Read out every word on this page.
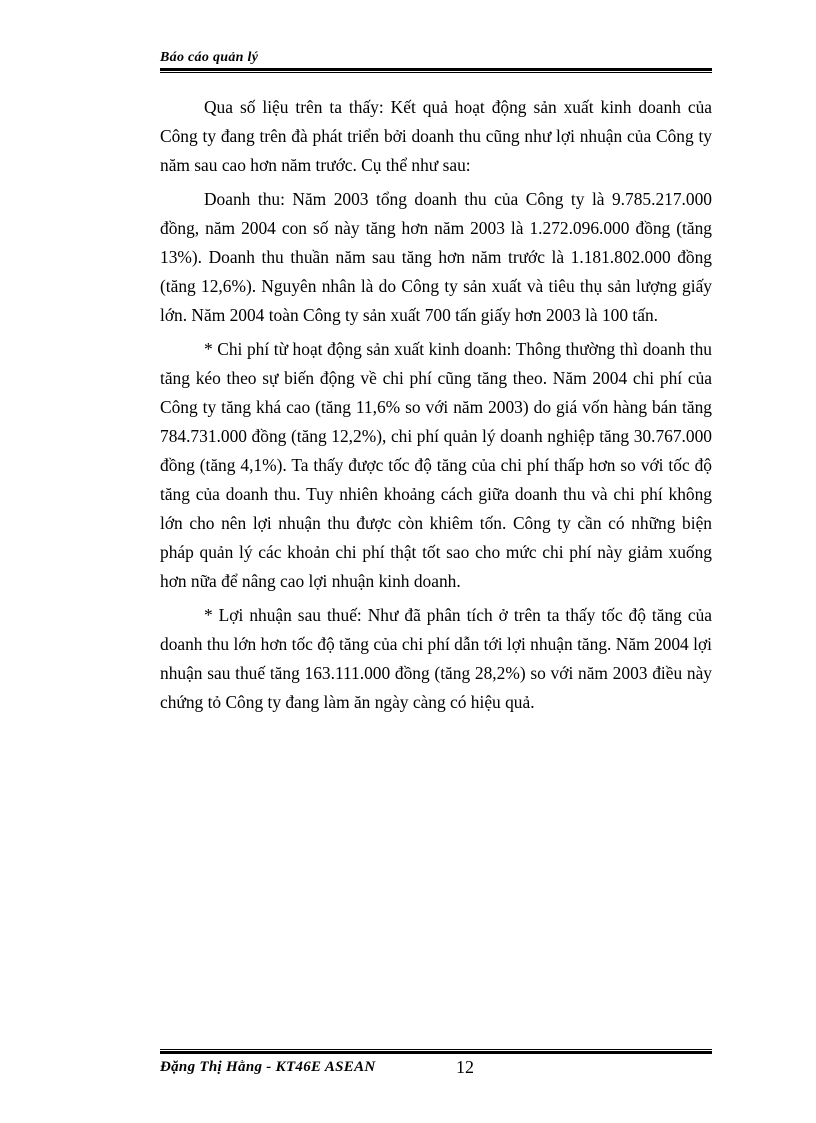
Báo cáo quản lý

Qua số liệu trên ta thấy: Kết quả hoạt động sản xuất kinh doanh của Công ty đang trên đà phát triển bởi doanh thu cũng như lợi nhuận của Công ty năm sau cao hơn năm trước. Cụ thể như sau:

Doanh thu: Năm 2003 tổng doanh thu của Công ty là 9.785.217.000 đồng, năm 2004 con số này tăng hơn năm 2003 là 1.272.096.000 đồng (tăng 13%). Doanh thu thuần năm sau tăng hơn năm trước là 1.181.802.000 đồng (tăng 12,6%). Nguyên nhân là do Công ty sản xuất và tiêu thụ sản lượng giấy lớn. Năm 2004 toàn Công ty sản xuất 700 tấn giấy hơn 2003 là 100 tấn.

* Chi phí từ hoạt động sản xuất kinh doanh: Thông thường thì doanh thu tăng kéo theo sự biến động về chi phí cũng tăng theo. Năm 2004 chi phí của Công ty tăng khá cao (tăng 11,6% so với năm 2003) do giá vốn hàng bán tăng 784.731.000 đồng (tăng 12,2%), chi phí quản lý doanh nghiệp tăng 30.767.000 đồng (tăng 4,1%). Ta thấy được tốc độ tăng của chi phí thấp hơn so với tốc độ tăng của doanh thu. Tuy nhiên khoảng cách giữa doanh thu và chi phí không lớn cho nên lợi nhuận thu được còn khiêm tốn. Công ty cần có những biện pháp quản lý các khoản chi phí thật tốt sao cho mức chi phí này giảm xuống hơn nữa để nâng cao lợi nhuận kinh doanh.

* Lợi nhuận sau thuế: Như đã phân tích ở trên ta thấy tốc độ tăng của doanh thu lớn hơn tốc độ tăng của chi phí dẫn tới lợi nhuận tăng. Năm 2004 lợi nhuận sau thuế tăng 163.111.000 đồng (tăng 28,2%) so với năm 2003 điều này chứng tỏ Công ty đang làm ăn ngày càng có hiệu quả.

Đặng Thị Hằng - KT46E ASEAN	12
